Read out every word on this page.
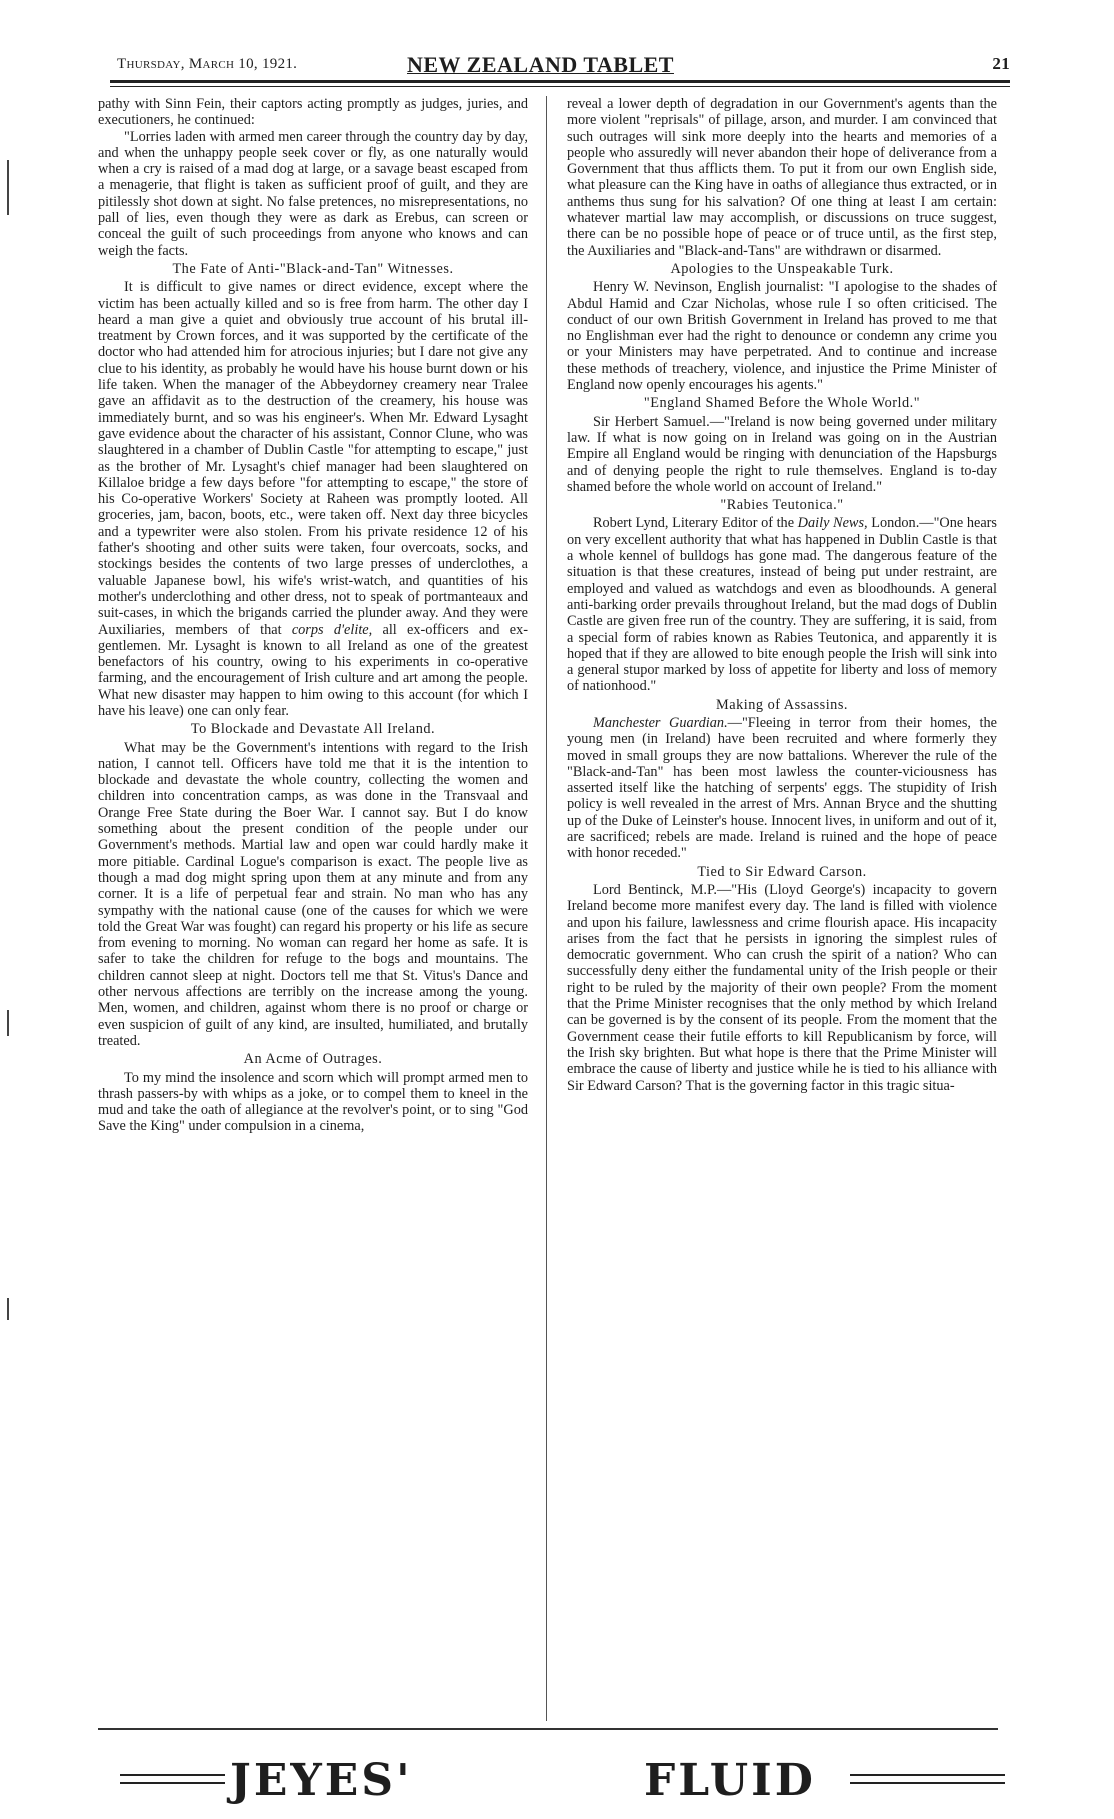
Thursday, March 10, 1921.	NEW ZEALAND TABLET	21

pathy with Sinn Fein, their captors acting promptly as judges, juries, and executioners, he continued:

"Lorries laden with armed men career through the country day by day, and when the unhappy people seek cover or fly, as one naturally would when a cry is raised of a mad dog at large, or a savage beast escaped from a menagerie, that flight is taken as sufficient proof of guilt, and they are pitilessly shot down at sight. No false pretences, no misrepresentations, no pall of lies, even though they were as dark as Erebus, can screen or conceal the guilt of such proceedings from anyone who knows and can weigh the facts.

The Fate of Anti-"Black-and-Tan" Witnesses.

It is difficult to give names or direct evidence, except where the victim has been actually killed and so is free from harm. The other day I heard a man give a quiet and obviously true account of his brutal ill-treatment by Crown forces, and it was supported by the certificate of the doctor who had attended him for atrocious injuries; but I dare not give any clue to his identity, as probably he would have his house burnt down or his life taken. When the manager of the Abbeydorney creamery near Tralee gave an affidavit as to the destruction of the creamery, his house was immediately burnt, and so was his engineer's. When Mr. Edward Lysaght gave evidence about the character of his assistant, Connor Clune, who was slaughtered in a chamber of Dublin Castle "for attempting to escape," just as the brother of Mr. Lysaght's chief manager had been slaughtered on Killaloe bridge a few days before "for attempting to escape," the store of his Co-operative Workers' Society at Raheen was promptly looted. All groceries, jam, bacon, boots, etc., were taken off. Next day three bicycles and a typewriter were also stolen. From his private residence 12 of his father's shooting and other suits were taken, four overcoats, socks, and stockings besides the contents of two large presses of underclothes, a valuable Japanese bowl, his wife's wrist-watch, and quantities of his mother's underclothing and other dress, not to speak of portmanteaux and suit-cases, in which the brigands carried the plunder away. And they were Auxiliaries, members of that corps d'elite, all ex-officers and ex-gentlemen. Mr. Lysaght is known to all Ireland as one of the greatest benefactors of his country, owing to his experiments in co-operative farming, and the encouragement of Irish culture and art among the people. What new disaster may happen to him owing to this account (for which I have his leave) one can only fear.

To Blockade and Devastate All Ireland.

What may be the Government's intentions with regard to the Irish nation, I cannot tell. Officers have told me that it is the intention to blockade and devastate the whole country, collecting the women and children into concentration camps, as was done in the Transvaal and Orange Free State during the Boer War. I cannot say. But I do know something about the present condition of the people under our Government's methods. Martial law and open war could hardly make it more pitiable. Cardinal Logue's comparison is exact. The people live as though a mad dog might spring upon them at any minute and from any corner. It is a life of perpetual fear and strain. No man who has any sympathy with the national cause (one of the causes for which we were told the Great War was fought) can regard his property or his life as secure from evening to morning. No woman can regard her home as safe. It is safer to take the children for refuge to the bogs and mountains. The children cannot sleep at night. Doctors tell me that St. Vitus's Dance and other nervous affections are terribly on the increase among the young. Men, women, and children, against whom there is no proof or charge or even suspicion of guilt of any kind, are insulted, humiliated, and brutally treated.

An Acme of Outrages.

To my mind the insolence and scorn which will prompt armed men to thrash passers-by with whips as a joke, or to compel them to kneel in the mud and take the oath of allegiance at the revolver's point, or to sing "God Save the King" under compulsion in a cinema,

reveal a lower depth of degradation in our Government's agents than the more violent "reprisals" of pillage, arson, and murder. I am convinced that such outrages will sink more deeply into the hearts and memories of a people who assuredly will never abandon their hope of deliverance from a Government that thus afflicts them. To put it from our own English side, what pleasure can the King have in oaths of allegiance thus extracted, or in anthems thus sung for his salvation? Of one thing at least I am certain: whatever martial law may accomplish, or discussions on truce suggest, there can be no possible hope of peace or of truce until, as the first step, the Auxiliaries and "Black-and-Tans" are withdrawn or disarmed.

Apologies to the Unspeakable Turk.

Henry W. Nevinson, English journalist: "I apologise to the shades of Abdul Hamid and Czar Nicholas, whose rule I so often criticised. The conduct of our own British Government in Ireland has proved to me that no Englishman ever had the right to denounce or condemn any crime you or your Ministers may have perpetrated. And to continue and increase these methods of treachery, violence, and injustice the Prime Minister of England now openly encourages his agents."

"England Shamed Before the Whole World."

Sir Herbert Samuel.—"Ireland is now being governed under military law. If what is now going on in Ireland was going on in the Austrian Empire all England would be ringing with denunciation of the Hapsburgs and of denying people the right to rule themselves. England is to-day shamed before the whole world on account of Ireland."

"Rabies Teutonica."

Robert Lynd, Literary Editor of the Daily News, London.—"One hears on very excellent authority that what has happened in Dublin Castle is that a whole kennel of bulldogs has gone mad. The dangerous feature of the situation is that these creatures, instead of being put under restraint, are employed and valued as watchdogs and even as bloodhounds. A general anti-barking order prevails throughout Ireland, but the mad dogs of Dublin Castle are given free run of the country. They are suffering, it is said, from a special form of rabies known as Rabies Teutonica, and apparently it is hoped that if they are allowed to bite enough people the Irish will sink into a general stupor marked by loss of appetite for liberty and loss of memory of nationhood."

Making of Assassins.

Manchester Guardian.—"Fleeing in terror from their homes, the young men (in Ireland) have been recruited and where formerly they moved in small groups they are now battalions. Wherever the rule of the "Black-and-Tan" has been most lawless the counter-viciousness has asserted itself like the hatching of serpents' eggs. The stupidity of Irish policy is well revealed in the arrest of Mrs. Annan Bryce and the shutting up of the Duke of Leinster's house. Innocent lives, in uniform and out of it, are sacrificed; rebels are made. Ireland is ruined and the hope of peace with honor receded."

Tied to Sir Edward Carson.

Lord Bentinck, M.P.—"His (Lloyd George's) incapacity to govern Ireland become more manifest every day. The land is filled with violence and upon his failure, lawlessness and crime flourish apace. His incapacity arises from the fact that he persists in ignoring the simplest rules of democratic government. Who can crush the spirit of a nation? Who can successfully deny either the fundamental unity of the Irish people or their right to be ruled by the majority of their own people? From the moment that the Prime Minister recognises that the only method by which Ireland can be governed is by the consent of its people. From the moment that the Government cease their futile efforts to kill Republicanism by force, will the Irish sky brighten. But what hope is there that the Prime Minister will embrace the cause of liberty and justice while he is tied to his alliance with Sir Edward Carson? That is the governing factor in this tragic situa-

JEYES'	FLUID
